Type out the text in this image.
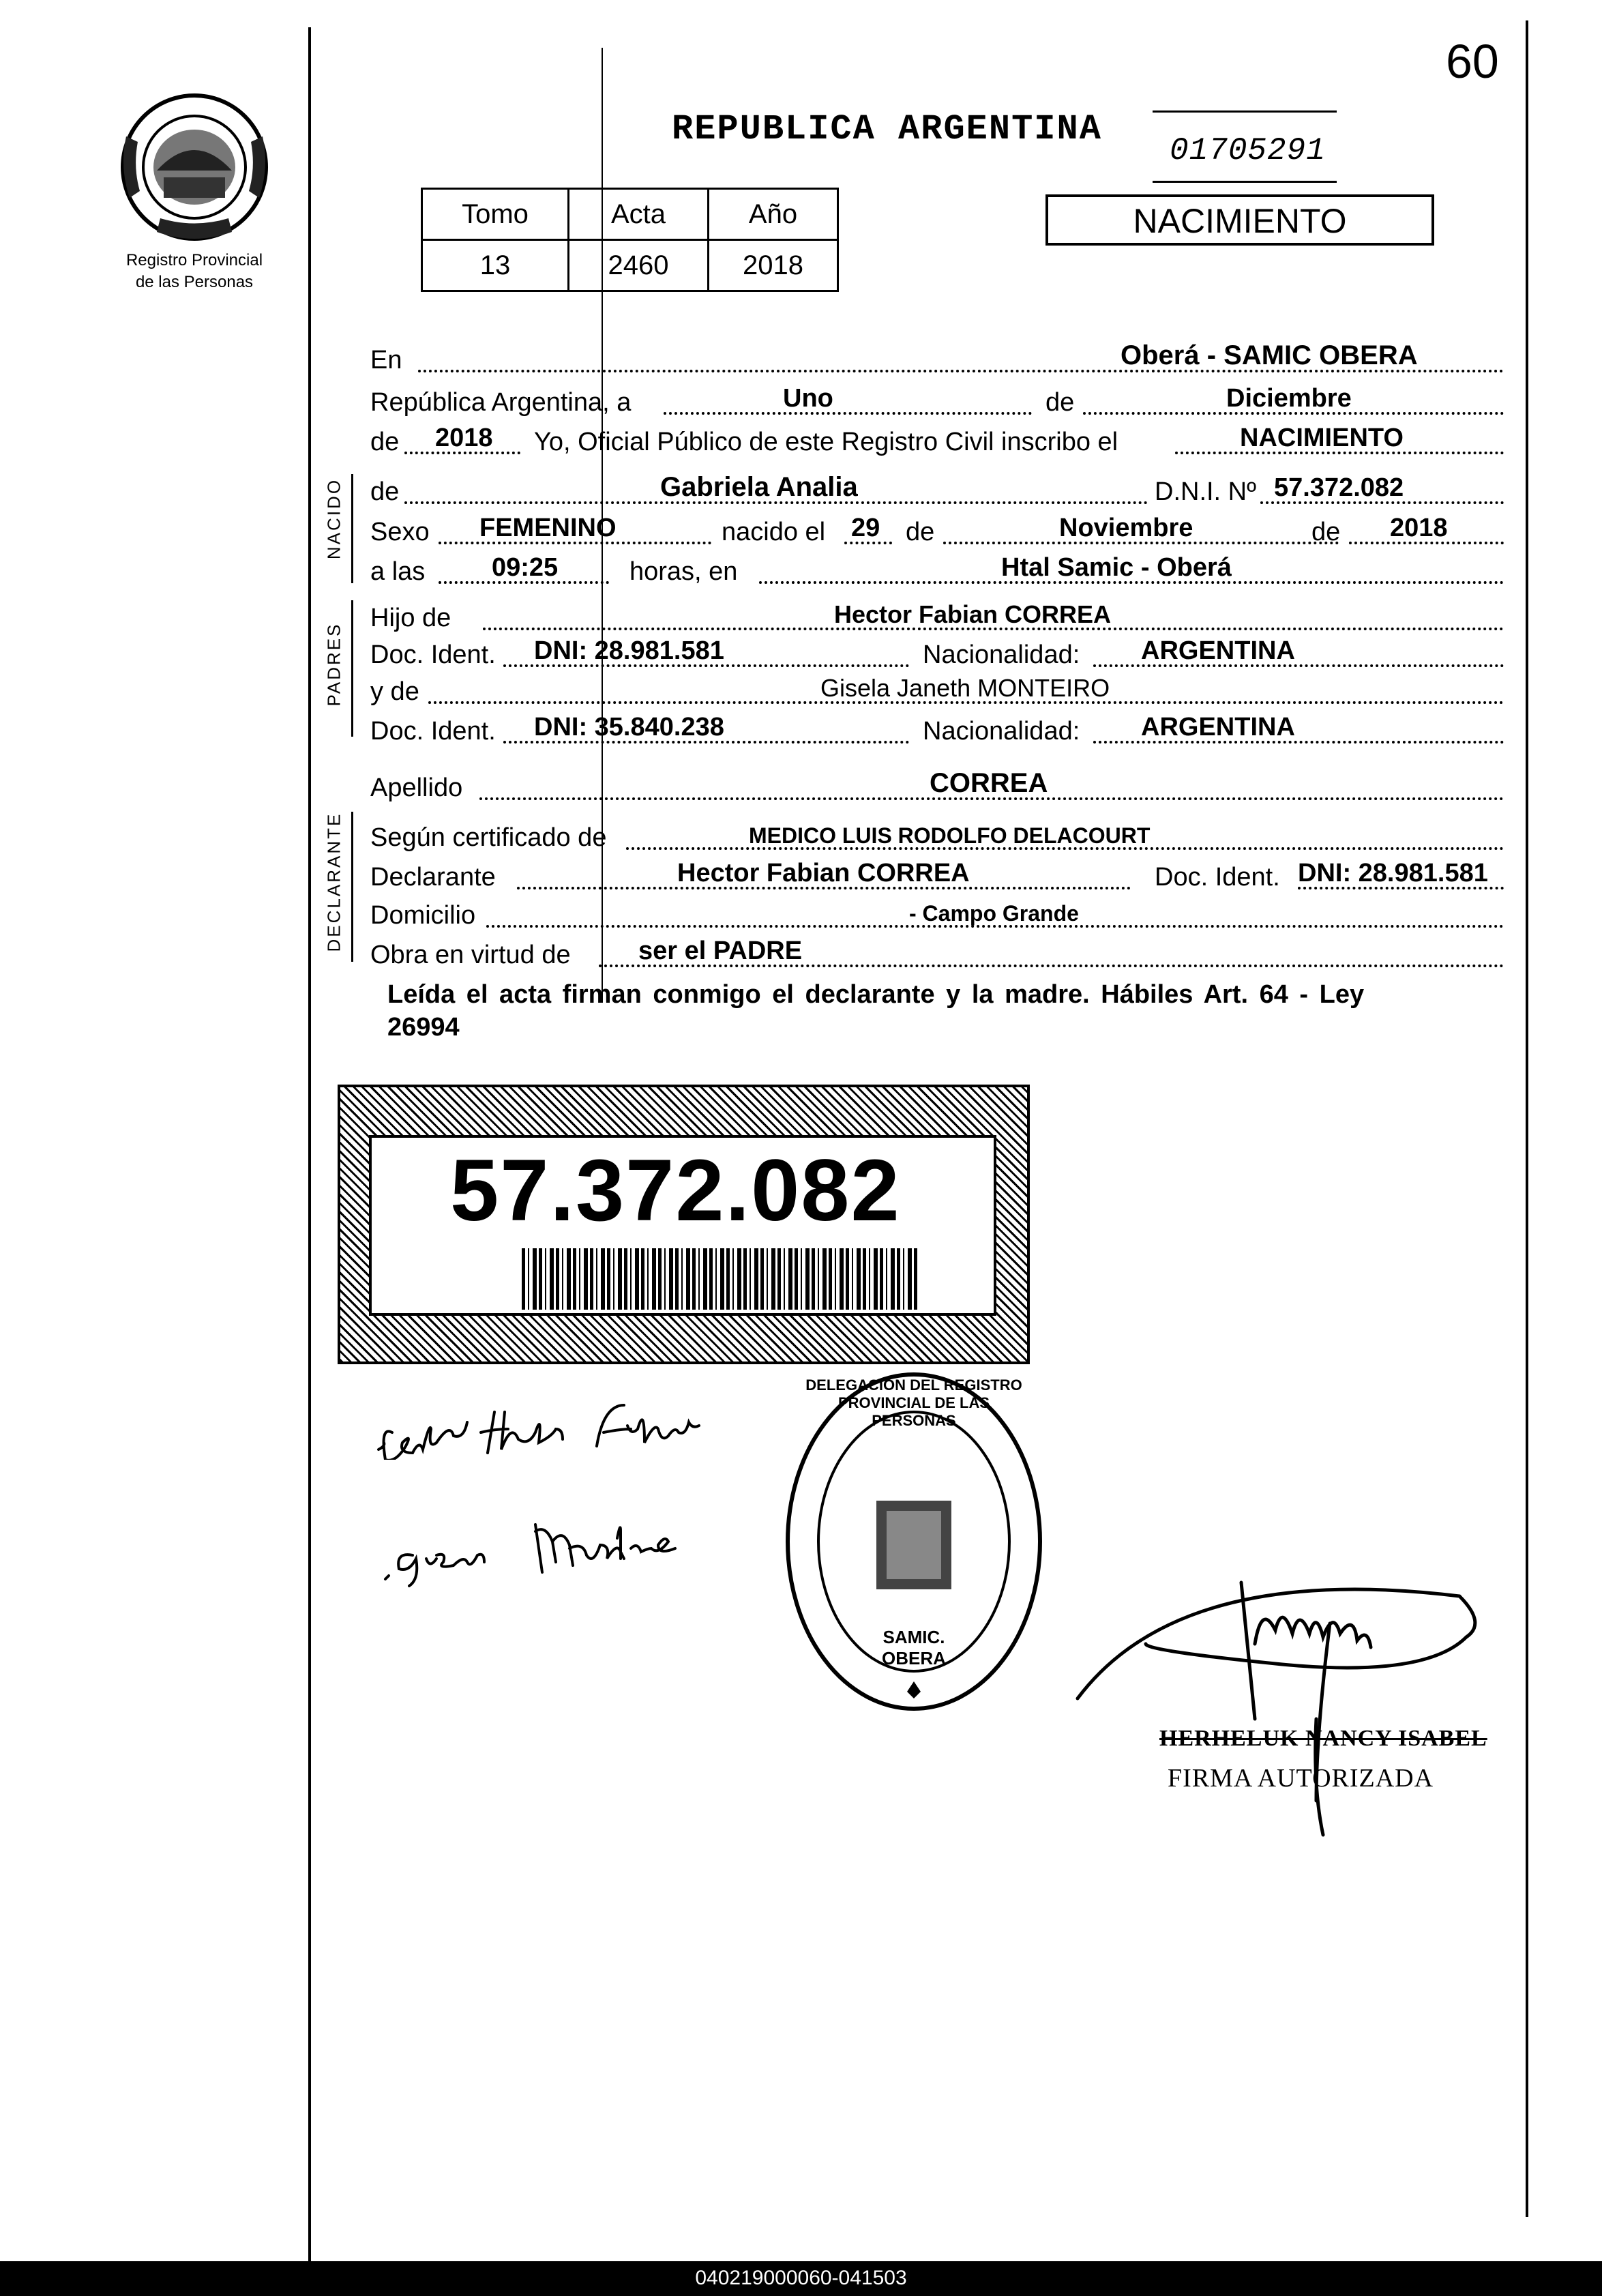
60
Registro Provincial
de las Personas
REPUBLICA ARGENTINA
01705291
Tomo	Acta	Año
13	2460	2018
NACIMIENTO
En	Oberá - SAMIC OBERA
República Argentina, a	Uno	de	Diciembre
de 2018 Yo, Oficial Público de este Registro Civil inscribo el	NACIMIENTO
NACIDO de	Gabriela Analia	D.N.I. Nº 57.372.082
Sexo FEMENINO	nacido el 29 de	Noviembre	de 2018
a las	09:25	horas, en	Htal Samic - Oberá
PADRES
Hijo de	Hector Fabian CORREA
Doc. Ident. DNI: 28.981.581	Nacionalidad: ARGENTINA
y de	Gisela Janeth MONTEIRO
Doc. Ident. DNI: 35.840.238	Nacionalidad: ARGENTINA
Apellido	CORREA
DECLARANTE Según certificado de	MEDICO LUIS RODOLFO DELACOURT
Declarante	Hector Fabian CORREA	Doc. Ident. DNI: 28.981.581
Domicilio	- Campo Grande
Obra en virtud de	ser el PADRE
Leída el acta firman conmigo el declarante y la madre. Hábiles Art. 64 - Ley
26994
57.372.082
DELEGACIÓN DEL REGISTRO PROVINCIAL DE LAS PERSONAS
SAMIC. OBERA
HERHELUK NANCY ISABEL
FIRMA AUTORIZADA
040219000060-041503
